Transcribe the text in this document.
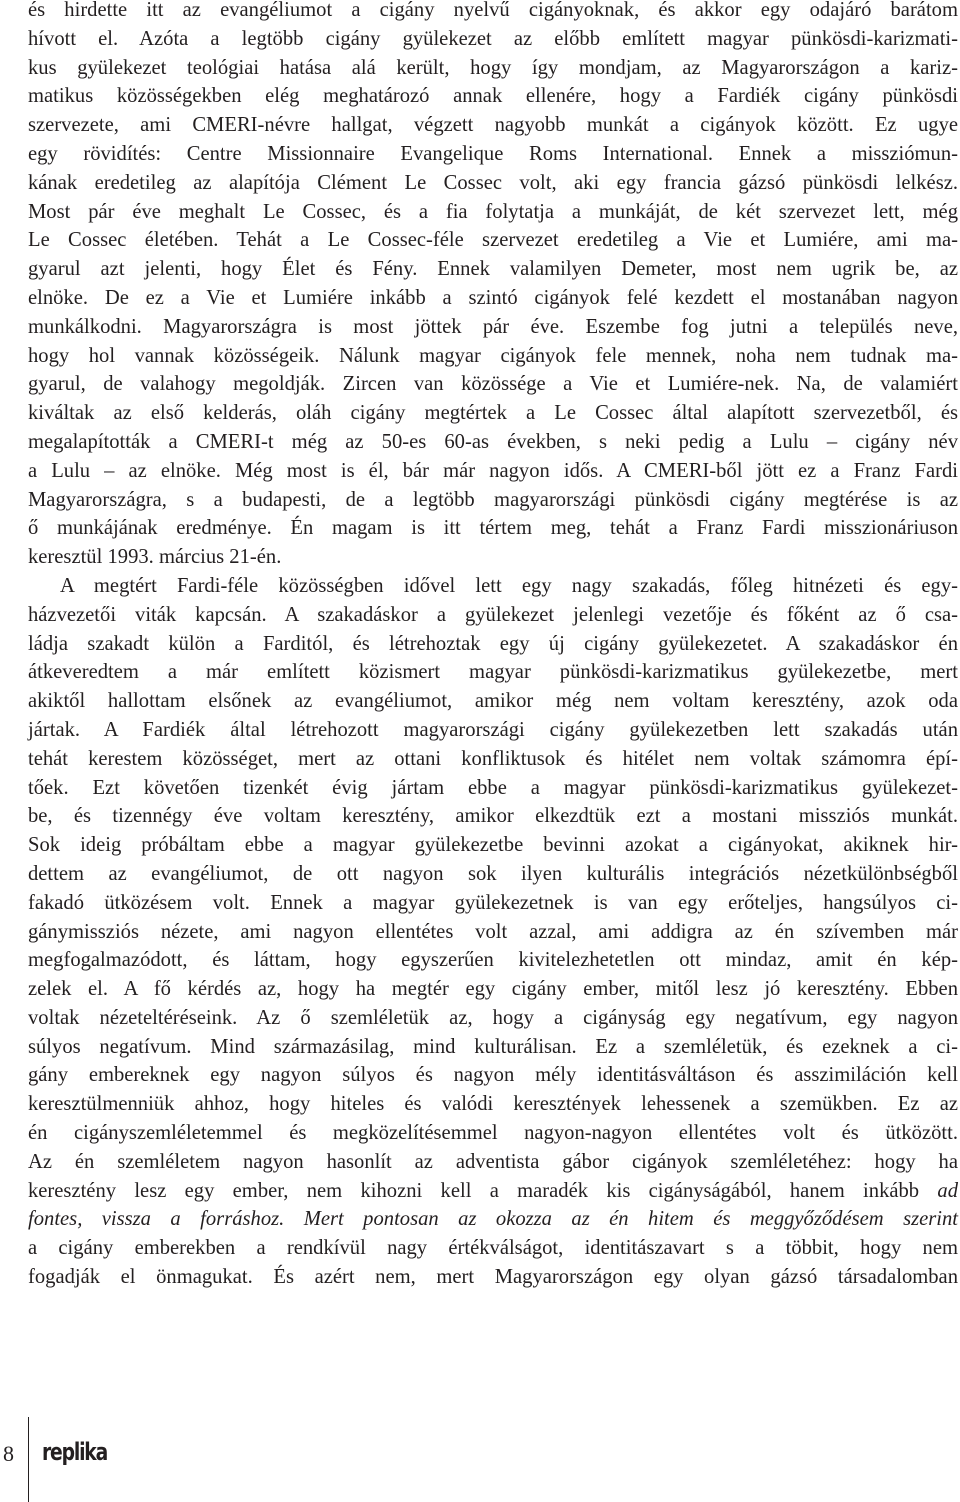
és hirdette itt az evangéliumot a cigány nyelvű cigányoknak, és akkor egy odajáró barátom
hívott el. Azóta a legtöbb cigány gyülekezet az előbb említett magyar pünkösdi-karizmati-
kus gyülekezet teológiai hatása alá került, hogy így mondjam, az Magyarországon a kariz-
matikus közösségekben elég meghatározó annak ellenére, hogy a Fardiék cigány pünkösdi
szervezete, ami CMERI-névre hallgat, végzett nagyobb munkát a cigányok között. Ez ugye
egy rövidítés: Centre Missionnaire Evangelique Roms International. Ennek a missziómun-
kának eredetileg az alapítója Clément Le Cossec volt, aki egy francia gázsó pünkösdi lelkész.
Most pár éve meghalt Le Cossec, és a fia folytatja a munkáját, de két szervezet lett, még
Le Cossec életében. Tehát a Le Cossec-féle szervezet eredetileg a Vie et Lumiére, ami ma-
gyarul azt jelenti, hogy Élet és Fény. Ennek valamilyen Demeter, most nem ugrik be, az
elnöke. De ez a Vie et Lumiére inkább a szintó cigányok felé kezdett el mostanában nagyon
munkálkodni. Magyarországra is most jöttek pár éve. Eszembe fog jutni a település neve,
hogy hol vannak közösségeik. Nálunk magyar cigányok fele mennek, noha nem tudnak ma-
gyarul, de valahogy megoldják. Zircen van közössége a Vie et Lumiére-nek. Na, de valamiért
kiváltak az első kelderás, oláh cigány megtértek a Le Cossec által alapított szervezetből, és
megalapították a CMERI-t még az 50-es 60-as években, s neki pedig a Lulu – cigány név
a Lulu – az elnöke. Még most is él, bár már nagyon idős. A CMERI-ből jött ez a Franz Fardi
Magyarországra, s a budapesti, de a legtöbb magyarországi pünkösdi cigány megtérése is az
ő munkájának eredménye. Én magam is itt tértem meg, tehát a Franz Fardi misszionáriuson
keresztül 1993. március 21-én.
A megtért Fardi-féle közösségben idővel lett egy nagy szakadás, főleg hitnézeti és egy-
házvezetői viták kapcsán. A szakadáskor a gyülekezet jelenlegi vezetője és főként az ő csa-
ládja szakadt külön a Farditól, és létrehoztak egy új cigány gyülekezetet. A szakadáskor én
átkeveredtem a már említett közismert magyar pünkösdi-karizmatikus gyülekezetbe, mert
akiktől hallottam elsőnek az evangéliumot, amikor még nem voltam keresztény, azok oda
jártak. A Fardiék által létrehozott magyarországi cigány gyülekezetben lett szakadás után
tehát kerestem közösséget, mert az ottani konfliktusok és hitélet nem voltak számomra épí-
tőek. Ezt követően tizenkét évig jártam ebbe a magyar pünkösdi-karizmatikus gyülekezet-
be, és tizennégy éve voltam keresztény, amikor elkezdtük ezt a mostani missziós munkát.
Sok ideig próbáltam ebbe a magyar gyülekezetbe bevinni azokat a cigányokat, akiknek hir-
dettem az evangéliumot, de ott nagyon sok ilyen kulturális integrációs nézetkülönbségből
fakadó ütközésem volt. Ennek a magyar gyülekezetnek is van egy erőteljes, hangsúlyos ci-
gánymissziós nézete, ami nagyon ellentétes volt azzal, ami addigra az én szívemben már
megfogalmazódott, és láttam, hogy egyszerűen kivitelezhetetlen ott mindaz, amit én kép-
zelek el. A fő kérdés az, hogy ha megtér egy cigány ember, mitől lesz jó keresztény. Ebben
voltak nézeteltéréseink. Az ő szemléletük az, hogy a cigányság egy negatívum, egy nagyon
súlyos negatívum. Mind származásilag, mind kulturálisan. Ez a szemléletük, és ezeknek a ci-
gány embereknek egy nagyon súlyos és nagyon mély identitásváltáson és asszimiláción kell
keresztülmenniük ahhoz, hogy hiteles és valódi keresztények lehessenek a szemükben. Ez az
én cigányszemléletemmel és megközelítésemmel nagyon-nagyon ellentétes volt és ütközött.
Az én szemléletem nagyon hasonlít az adventista gábor cigányok szemléletéhez: hogy ha
keresztény lesz egy ember, nem kihozni kell a maradék kis cigányságából, hanem inkább ad
fontes, vissza a forráshoz. Mert pontosan az okozza az én hitem és meggyőződésem szerint
a cigány emberekben a rendkívül nagy értékválságot, identitászavart s a többit, hogy nem
fogadják el önmagukat. És azért nem, mert Magyarországon egy olyan gázsó társadalomban
8 replika
